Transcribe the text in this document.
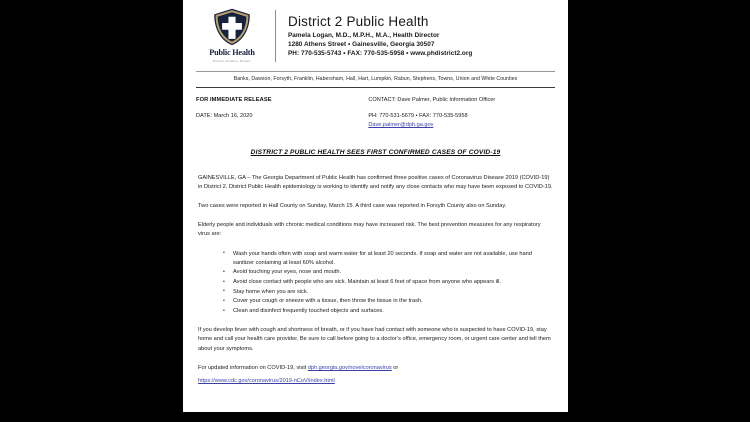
Public Health
Prevent. Promote. Protect.
District 2 Public Health
Pamela Logan, M.D., M.P.H., M.A., Health Director
1280 Athens Street • Gainesville, Georgia 30507
PH: 770-535-5743 • FAX: 770-535-5958 • www.phdistrict2.org
Banks, Dawson, Forsyth, Franklin, Habersham, Hall, Hart, Lumpkin, Rabun, Stephens, Towns, Union and White Counties
FOR IMMEDIATE RELEASE
DATE: March 16, 2020
CONTACT: Dave Palmer, Public Information Officer
PH: 770-531-5679 • FAX: 770-535-5958
Dave.palmer@dph.ga.gov
DISTRICT 2 PUBLIC HEALTH SEES FIRST CONFIRMED CASES OF COVID-19

GAINESVILLE, GA – The Georgia Department of Public Health has confirmed three positive cases of Coronavirus Disease 2019 (COVID-19) in District 2. District Public Health epidemiology is working to identify and notify any close contacts who may have been exposed to COVID-19.

Two cases were reported in Hall County on Sunday, March 15. A third case was reported in Forsyth County also on Sunday.

Elderly people and individuals with chronic medical conditions may have increased risk. The best prevention measures for any respiratory virus are:

• Wash your hands often with soap and warm water for at least 20 seconds. If soap and water are not available, use hand sanitizer containing at least 60% alcohol.
• Avoid touching your eyes, nose and mouth.
• Avoid close contact with people who are sick. Maintain at least 6 feet of space from anyone who appears ill.
• Stay home when you are sick.
• Cover your cough or sneeze with a tissue, then throw the tissue in the trash.
• Clean and disinfect frequently touched objects and surfaces.

If you develop fever with cough and shortness of breath, or if you have had contact with someone who is suspected to have COVID-19, stay home and call your health care provider. Be sure to call before going to a doctor’s office, emergency room, or urgent care center and tell them about your symptoms.

For updated information on COVID-19, visit dph.georgia.gov/novelcoronavirus or

https://www.cdc.gov/coronavirus/2019-nCoV/index.html
